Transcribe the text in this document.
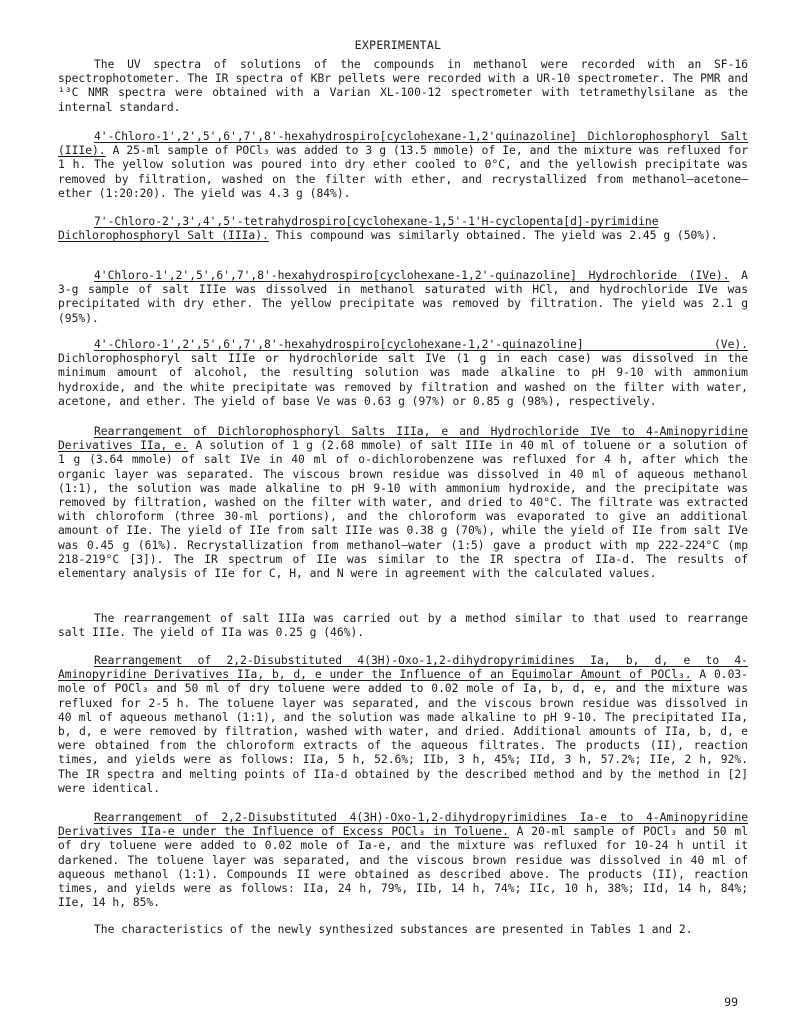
EXPERIMENTAL

The UV spectra of solutions of the compounds in methanol were recorded with an SF-16 spectrophotometer. The IR spectra of KBr pellets were recorded with a UR-10 spectrometer. The PMR and ¹³C NMR spectra were obtained with a Varian XL-100-12 spectrometer with tetramethylsilane as the internal standard.

4'-Chloro-1',2',5',6',7',8'-hexahydrospiro[cyclohexane-1,2'quinazoline] Dichlorophosphoryl Salt (IIIe). A 25-ml sample of POCl₃ was added to 3 g (13.5 mmole) of Ie, and the mixture was refluxed for 1 h. The yellow solution was poured into dry ether cooled to 0°C, and the yellowish precipitate was removed by filtration, washed on the filter with ether, and recrystallized from methanol–acetone–ether (1:20:20). The yield was 4.3 g (84%).

7'-Chloro-2',3',4',5'-tetrahydrospiro[cyclohexane-1,5'-1'H-cyclopenta[d]-pyrimidine Dichlorophosphoryl Salt (IIIa). This compound was similarly obtained. The yield was 2.45 g (50%).

4'Chloro-1',2',5',6',7',8'-hexahydrospiro[cyclohexane-1,2'-quinazoline] Hydrochloride (IVe). A 3-g sample of salt IIIe was dissolved in methanol saturated with HCl, and hydrochloride IVe was precipitated with dry ether. The yellow precipitate was removed by filtration. The yield was 2.1 g (95%).

4'-Chloro-1',2',5',6',7',8'-hexahydrospiro[cyclohexane-1,2'-quinazoline] (Ve). Dichlorophosphoryl salt IIIe or hydrochloride salt IVe (1 g in each case) was dissolved in the minimum amount of alcohol, the resulting solution was made alkaline to pH 9-10 with ammonium hydroxide, and the white precipitate was removed by filtration and washed on the filter with water, acetone, and ether. The yield of base Ve was 0.63 g (97%) or 0.85 g (98%), respectively.

Rearrangement of Dichlorophosphoryl Salts IIIa, e and Hydrochloride IVe to 4-Aminopyridine Derivatives IIa, e. A solution of 1 g (2.68 mmole) of salt IIIe in 40 ml of toluene or a solution of 1 g (3.64 mmole) of salt IVe in 40 ml of o-dichlorobenzene was refluxed for 4 h, after which the organic layer was separated. The viscous brown residue was dissolved in 40 ml of aqueous methanol (1:1), the solution was made alkaline to pH 9-10 with ammonium hydroxide, and the precipitate was removed by filtration, washed on the filter with water, and dried to 40°C. The filtrate was extracted with chloroform (three 30-ml portions), and the chloroform was evaporated to give an additional amount of IIe. The yield of IIe from salt IIIe was 0.38 g (70%), while the yield of IIe from salt IVe was 0.45 g (61%). Recrystallization from methanol–water (1:5) gave a product with mp 222-224°C (mp 218-219°C [3]). The IR spectrum of IIe was similar to the IR spectra of IIa-d. The results of elementary analysis of IIe for C, H, and N were in agreement with the calculated values.

The rearrangement of salt IIIa was carried out by a method similar to that used to rearrange salt IIIe. The yield of IIa was 0.25 g (46%).

Rearrangement of 2,2-Disubstituted 4(3H)-Oxo-1,2-dihydropyrimidines Ia, b, d, e to 4-Aminopyridine Derivatives IIa, b, d, e under the Influence of an Equimolar Amount of POCl₃. A 0.03-mole of POCl₃ and 50 ml of dry toluene were added to 0.02 mole of Ia, b, d, e, and the mixture was refluxed for 2-5 h. The toluene layer was separated, and the viscous brown residue was dissolved in 40 ml of aqueous methanol (1:1), and the solution was made alkaline to pH 9-10. The precipitated IIa, b, d, e were removed by filtration, washed with water, and dried. Additional amounts of IIa, b, d, e were obtained from the chloroform extracts of the aqueous filtrates. The products (II), reaction times, and yields were as follows: IIa, 5 h, 52.6%; IIb, 3 h, 45%; IId, 3 h, 57.2%; IIe, 2 h, 92%. The IR spectra and melting points of IIa-d obtained by the described method and by the method in [2] were identical.

Rearrangement of 2,2-Disubstituted 4(3H)-Oxo-1,2-dihydropyrimidines Ia-e to 4-Aminopyridine Derivatives IIa-e under the Influence of Excess POCl₃ in Toluene. A 20-ml sample of POCl₃ and 50 ml of dry toluene were added to 0.02 mole of Ia-e, and the mixture was refluxed for 10-24 h until it darkened. The toluene layer was separated, and the viscous brown residue was dissolved in 40 ml of aqueous methanol (1:1). Compounds II were obtained as described above. The products (II), reaction times, and yields were as follows: IIa, 24 h, 79%, IIb, 14 h, 74%; IIc, 10 h, 38%; IId, 14 h, 84%; IIe, 14 h, 85%.

The characteristics of the newly synthesized substances are presented in Tables 1 and 2.

99
